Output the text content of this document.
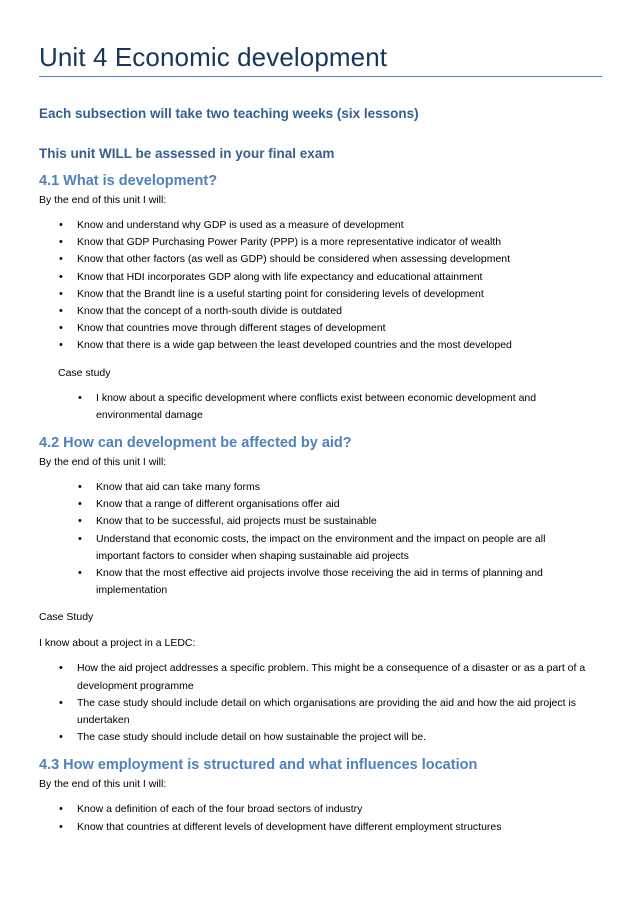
Unit 4 Economic development
Each subsection will take two teaching weeks (six lessons)
This unit WILL be assessed in your final exam
4.1 What is development?

By the end of this unit I will:

• Know and understand why GDP is used as a measure of development
• Know that GDP Purchasing Power Parity (PPP) is a more representative indicator of wealth
• Know that other factors (as well as GDP) should be considered when assessing development
• Know that HDI incorporates GDP along with life expectancy and educational attainment
• Know that the Brandt line is a useful starting point for considering levels of development
• Know that the concept of a north-south divide is outdated
• Know that countries move through different stages of development
• Know that there is a wide gap between the least developed countries and the most developed

Case study

• I know about a specific development where conflicts exist between economic development and environmental damage
4.2 How can development be affected by aid?

By the end of this unit I will:

• Know that aid can take many forms
• Know that a range of different organisations offer aid
• Know that to be successful, aid projects must be sustainable
• Understand that economic costs, the impact on the environment and the impact on people are all important factors to consider when shaping sustainable aid projects
• Know that the most effective aid projects involve those receiving the aid in terms of planning and implementation

Case Study

I know about a project in a LEDC:

• How the aid project addresses a specific problem. This might be a consequence of a disaster or as a part of a development programme
• The case study should include detail on which organisations are providing the aid and how the aid project is undertaken
• The case study should include detail on how sustainable the project will be.
4.3 How employment is structured and what influences location

By the end of this unit I will:

• Know a definition of each of the four broad sectors of industry
• Know that countries at different levels of development have different employment structures
